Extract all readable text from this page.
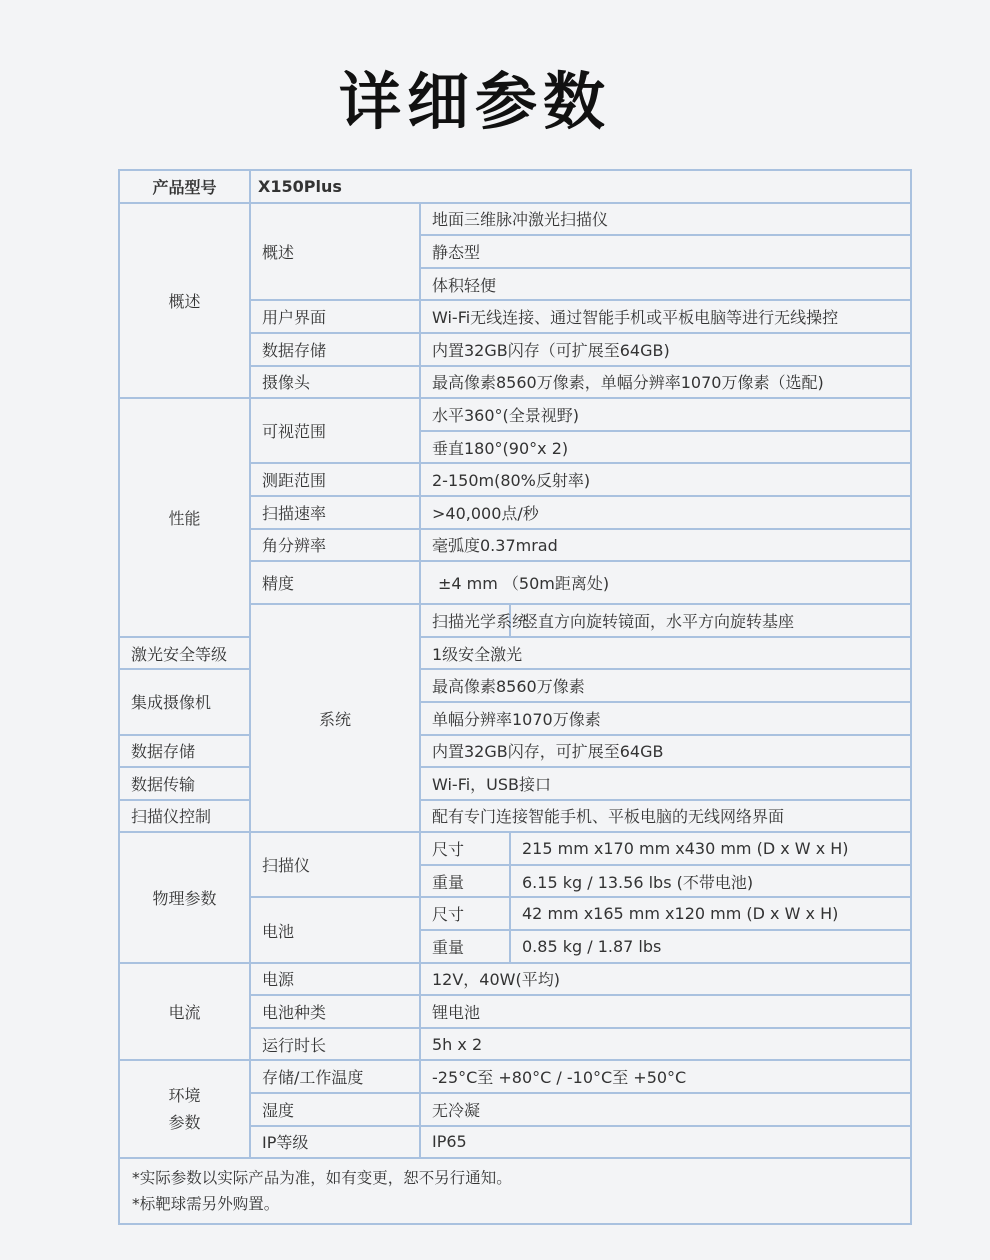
详细参数
产品型号	X150Plus		
概述	概述	地面三维脉冲激光扫描仪	
		静态型	
		体积轻便	
	用户界面	Wi-Fi无线连接、通过智能手机或平板电脑等进行无线操控	
	数据存储	内置32GB闪存（可扩展至64GB)	
	摄像头	最高像素8560万像素，单幅分辨率1070万像素（选配)	
性能	可视范围	水平360°(全景视野)	
		垂直180°(90°x 2)	
	测距范围	2-150m(80%反射率)	
	扫描速率	>40,000点/秒	
	角分辨率	毫弧度0.37mrad	
	精度	±4 mm （50m距离处)	
	系统	扫描光学系统	竖直方向旋转镜面，水平方向旋转基座
激光安全等级		1级安全激光	
集成摄像机		最高像素8560万像素	
		单幅分辨率1070万像素	
数据存储		内置32GB闪存，可扩展至64GB	
数据传输		Wi-Fi，USB接口	
扫描仪控制		配有专门连接智能手机、平板电脑的无线网络界面	
物理参数	扫描仪	尺寸	215 mm x170 mm x430 mm (D x W x H)
		重量	6.15 kg / 13.56 lbs (不带电池)
	电池	尺寸	42 mm x165 mm x120 mm (D x W x H)
		重量	0.85 kg / 1.87 lbs
电流	电源	12V，40W(平均)	
	电池种类	锂电池	
	运行时长	5h x 2	
环境
参数	存储/工作温度	-25°C至 +80°C / -10°C至 +50°C	
	湿度	无冷凝	
	IP等级	IP65	

*实际参数以实际产品为准，如有变更，恕不另行通知。
*标靶球需另外购置。			
